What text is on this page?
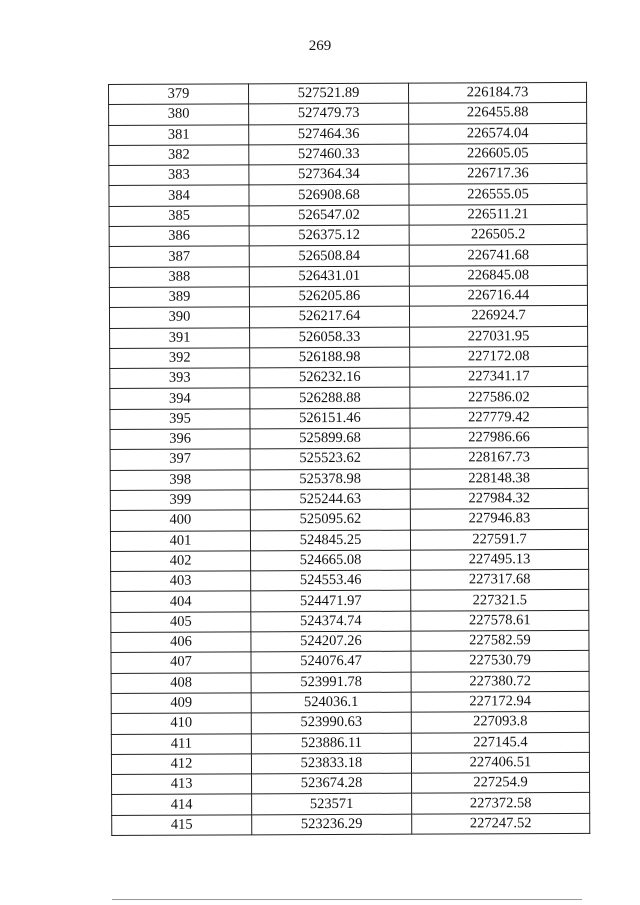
269
379	527521.89	226184.73
380	527479.73	226455.88
381	527464.36	226574.04
382	527460.33	226605.05
383	527364.34	226717.36
384	526908.68	226555.05
385	526547.02	226511.21
386	526375.12	226505.2
387	526508.84	226741.68
388	526431.01	226845.08
389	526205.86	226716.44
390	526217.64	226924.7
391	526058.33	227031.95
392	526188.98	227172.08
393	526232.16	227341.17
394	526288.88	227586.02
395	526151.46	227779.42
396	525899.68	227986.66
397	525523.62	228167.73
398	525378.98	228148.38
399	525244.63	227984.32
400	525095.62	227946.83
401	524845.25	227591.7
402	524665.08	227495.13
403	524553.46	227317.68
404	524471.97	227321.5
405	524374.74	227578.61
406	524207.26	227582.59
407	524076.47	227530.79
408	523991.78	227380.72
409	524036.1	227172.94
410	523990.63	227093.8
411	523886.11	227145.4
412	523833.18	227406.51
413	523674.28	227254.9
414	523571	227372.58
415	523236.29	227247.52
